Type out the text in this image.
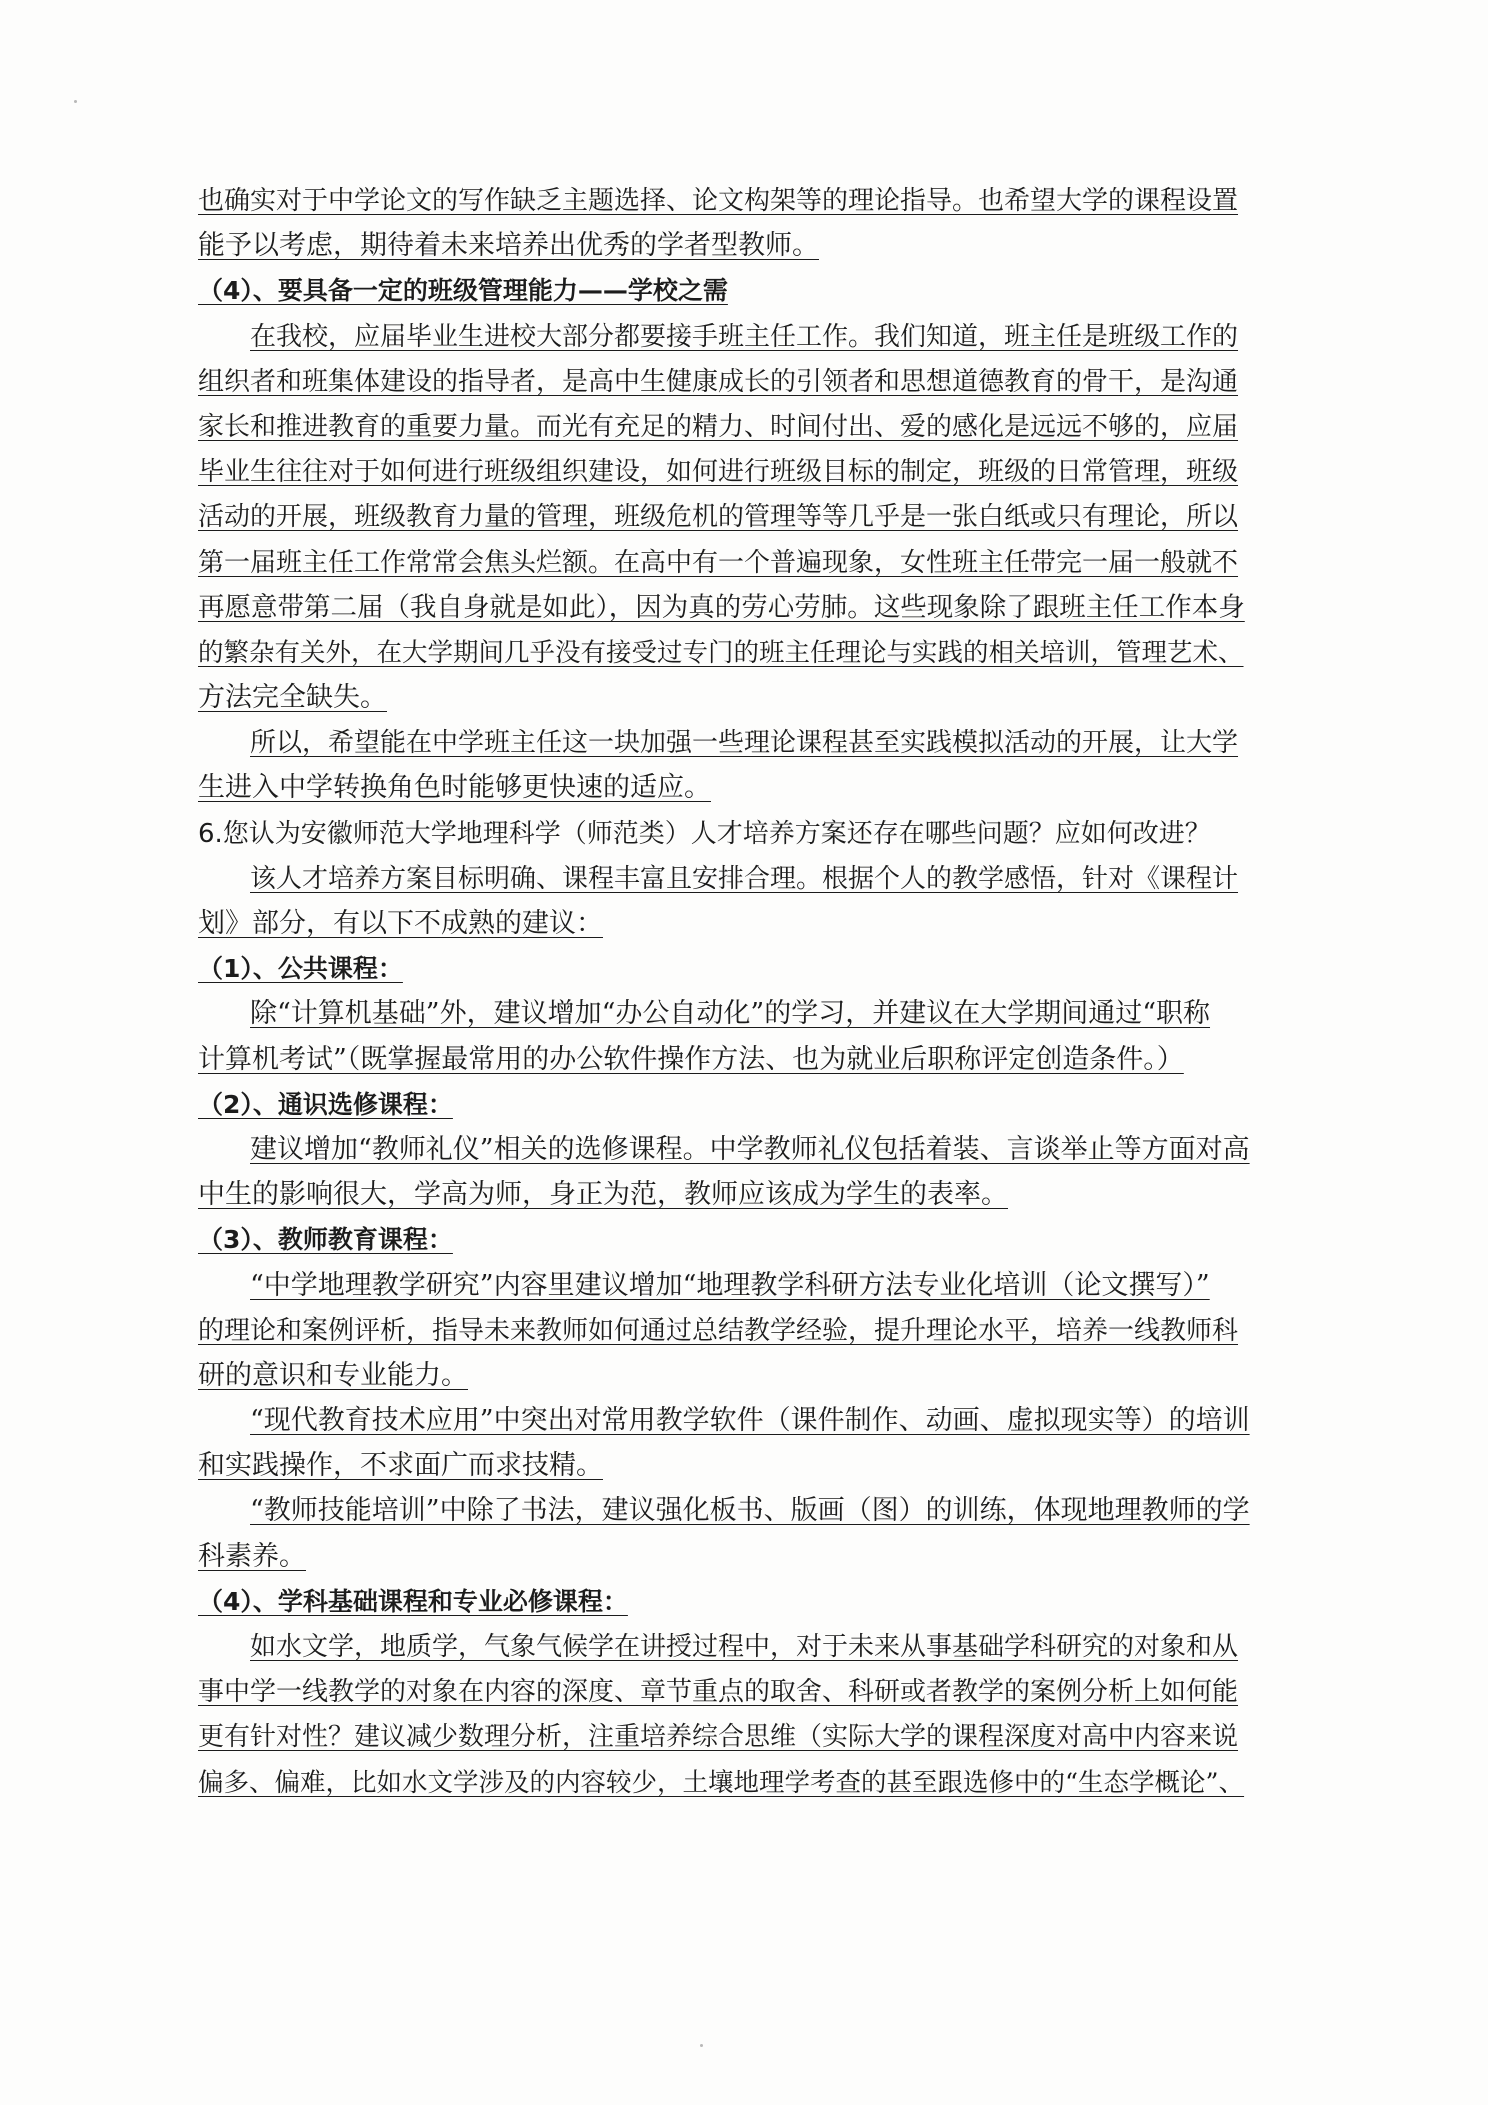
也确实对于中学论文的写作缺乏主题选择、论文构架等的理论指导。也希望大学的课程设置
能予以考虑，期待着未来培养出优秀的学者型教师。
（4）、要具备一定的班级管理能力——学校之需
在我校，应届毕业生进校大部分都要接手班主任工作。我们知道，班主任是班级工作的
组织者和班集体建设的指导者，是高中生健康成长的引领者和思想道德教育的骨干，是沟通
家长和推进教育的重要力量。而光有充足的精力、时间付出、爱的感化是远远不够的，应届
毕业生往往对于如何进行班级组织建设，如何进行班级目标的制定，班级的日常管理，班级
活动的开展，班级教育力量的管理，班级危机的管理等等几乎是一张白纸或只有理论，所以
第一届班主任工作常常会焦头烂额。在高中有一个普遍现象，女性班主任带完一届一般就不
再愿意带第二届（我自身就是如此），因为真的劳心劳肺。这些现象除了跟班主任工作本身
的繁杂有关外，在大学期间几乎没有接受过专门的班主任理论与实践的相关培训，管理艺术、
方法完全缺失。
所以，希望能在中学班主任这一块加强一些理论课程甚至实践模拟活动的开展，让大学
生进入中学转换角色时能够更快速的适应。
6.您认为安徽师范大学地理科学（师范类）人才培养方案还存在哪些问题？应如何改进？
该人才培养方案目标明确、课程丰富且安排合理。根据个人的教学感悟，针对《课程计
划》部分，有以下不成熟的建议：
（1）、公共课程：
除“计算机基础”外，建议增加“办公自动化”的学习，并建议在大学期间通过“职称
计算机考试”（既掌握最常用的办公软件操作方法、也为就业后职称评定创造条件。）
（2）、通识选修课程：
建议增加“教师礼仪”相关的选修课程。中学教师礼仪包括着装、言谈举止等方面对高
中生的影响很大，学高为师，身正为范，教师应该成为学生的表率。
（3）、教师教育课程：
“中学地理教学研究”内容里建议增加“地理教学科研方法专业化培训（论文撰写）”
的理论和案例评析，指导未来教师如何通过总结教学经验，提升理论水平，培养一线教师科
研的意识和专业能力。
“现代教育技术应用”中突出对常用教学软件（课件制作、动画、虚拟现实等）的培训
和实践操作，不求面广而求技精。
“教师技能培训”中除了书法，建议强化板书、版画（图）的训练，体现地理教师的学
科素养。
（4）、学科基础课程和专业必修课程：
如水文学，地质学，气象气候学在讲授过程中，对于未来从事基础学科研究的对象和从
事中学一线教学的对象在内容的深度、章节重点的取舍、科研或者教学的案例分析上如何能
更有针对性？建议减少数理分析，注重培养综合思维（实际大学的课程深度对高中内容来说
偏多、偏难，比如水文学涉及的内容较少，土壤地理学考查的甚至跟选修中的“生态学概论”、
